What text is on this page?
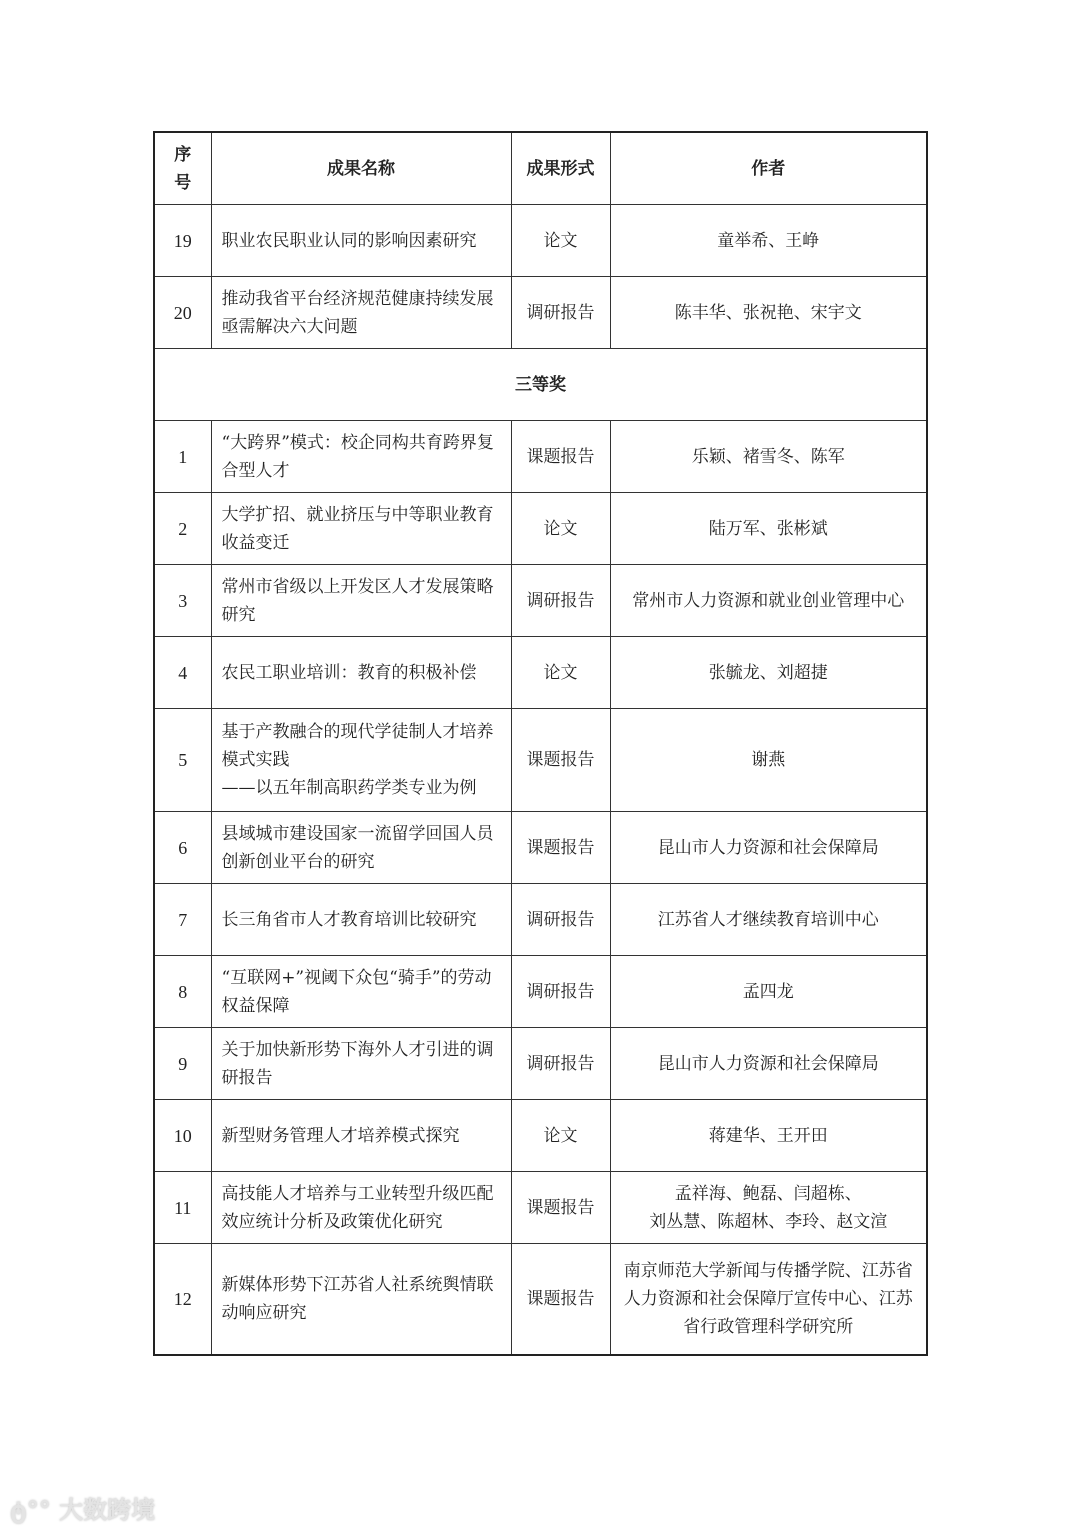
序号	成果名称	成果形式	作者
19	职业农民职业认同的影响因素研究	论文	童举希、王峥
20	推动我省平台经济规范健康持续发展亟需解决六大问题	调研报告	陈丰华、张祝艳、宋宇文
三等奖			
1	“大跨界”模式：校企同构共育跨界复合型人才	课题报告	乐颖、褚雪冬、陈军
2	大学扩招、就业挤压与中等职业教育收益变迁	论文	陆万军、张彬斌
3	常州市省级以上开发区人才发展策略研究	调研报告	常州市人力资源和就业创业管理中心
4	农民工职业培训：教育的积极补偿	论文	张毓龙、刘超捷
5	基于产教融合的现代学徒制人才培养模式实践
——以五年制高职药学类专业为例	课题报告	谢燕
6	县域城市建设国家一流留学回国人员创新创业平台的研究	课题报告	昆山市人力资源和社会保障局
7	长三角省市人才教育培训比较研究	调研报告	江苏省人才继续教育培训中心
8	“互联网+”视阈下众包“骑手”的劳动权益保障	调研报告	孟四龙
9	关于加快新形势下海外人才引进的调研报告	调研报告	昆山市人力资源和社会保障局
10	新型财务管理人才培养模式探究	论文	蒋建华、王开田
11	高技能人才培养与工业转型升级匹配效应统计分析及政策优化研究	课题报告	孟祥海、鲍磊、闫超栋、
刘丛慧、陈超林、李玲、赵文渲
12	新媒体形势下江苏省人社系统舆情联动响应研究	课题报告	南京师范大学新闻与传播学院、江苏省人力资源和社会保障厅宣传中心、江苏省行政管理科学研究所
ტ°° 大数跨境
